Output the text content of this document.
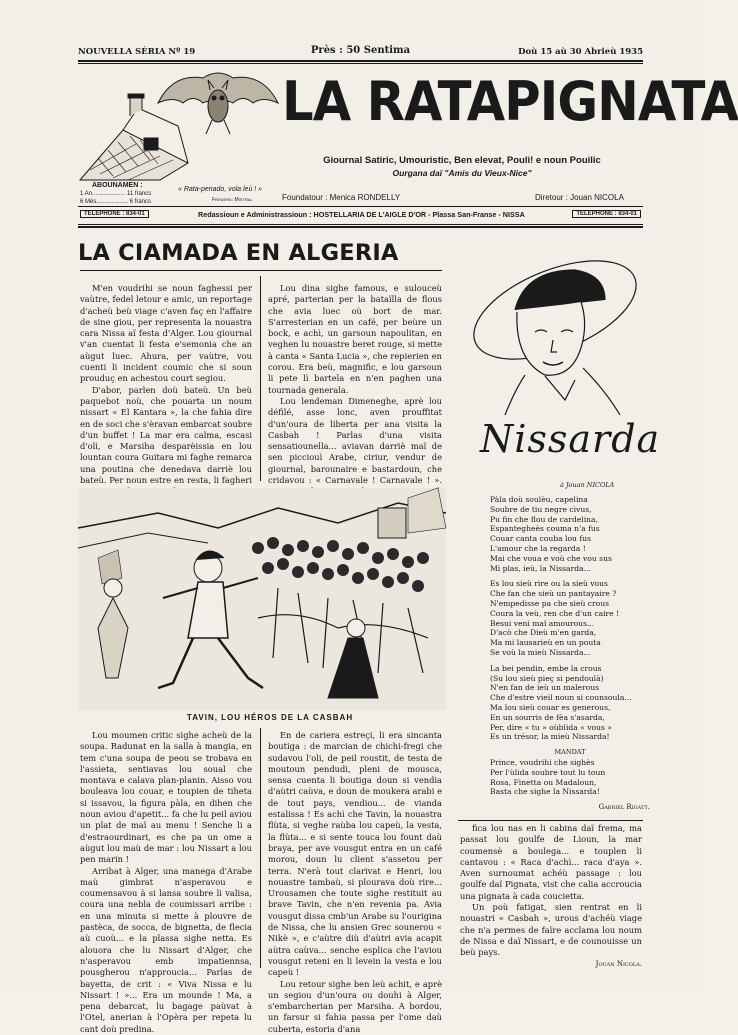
NOUVELLA SÈRIA Nº 19	Près : 50 Sentima	Doù 15 aù 30 Abrieù 1935
LA RATAPIGNATA
Giournal Satiric, Umouristic, Ben elevat, Pouli! e noun Pouilic
Ourgana daï "Amis du Vieux-Nice"
ABOUNAMEN :
1 An.................... 11 francs
6 Mès................... 6 francs
« Rata-penado, vola leù ! »
Frederic Mistral	Foundatour : Menica RONDELLY	Diretour : Jouan NICOLA
TELEPHONE : 834-01	Redassioun e Administrassioun : HOSTELLARIA DE L'AIGLE D'OR - Plassa San-Franse - NISSA	TELEPHONE : 834-01
LA CIAMADA EN ALGERIA

M'en voudrihi se noun faghessi per vaùtre, fedel letour e amic, un reportage d'acheù beù viage c'aven faç en l'affaire de sine giou, per representa la nouastra cara Nissa aï festa d'Alger. Lou giournal v'an cuentat li festa e'semonia che an aùgut luec. Ahura, per vaùtre, vou cuenti li incident coumic che si soun prouduç en achestou court segiou.

D'abor, parlen doù bateù. Un beù paquebot noù, che pouarta un noum nissart « El Kantara », la che fahia dire en de soci che s'èravan embarcat soubre d'un buffet ! La mar era calma, escasi d'oli, e Marsiha desparèissia en lou lountan coura Guitara mi faghe remarca una poutina che denedava darriè lou bateù. Per noun estre en resta, li fagheri

Lou dina sighe famous, e sulouceù apré, parterian per la bataïlla de flous che avia luec où bort de mar. S'arresterian en un café, per beùre un bock, e achì, un garsoun napoulitan, en veghen lu nouastre beret rouge, si mette à canta « Santa Lucia », che repierien en corou. Era beù, magnific, e lou garsoun li pete lì bartela en n'en paghen una tournada generala.

Lou lendeman Dimeneghe, aprè lou défilé, asse lonc, aven prouffitat d'un'oura de liberta per ana visita la Casbah ! Parlas d'una visita sensatiounella... aviavan darriè maï de sen picciouì Arabe, ciriur, vendur de giournal, barounaire e bastardoun, che cridavou : « Carnavale ! Carnavale ! ».

Nissarda
à Jouan NICOLA
TAVIN, LOU HÉROS DE LA CASBAH

Lou moumen critic sighe acheù de la soupa. Radunat en la salla à mangia, en tem c'una soupa de peou se trobava en l'assieta, sentiavas lou soual che montava e calava plan-planin. Aisso vou bouleava lou couar, e toupien de tiheta si issavou, la figura pàla, en dihen che noun aviou d'apetit... fa che lu peil aviou un plat de maï au menu ! Senche li a d'estraourdinari, es che pa un ome a aùgut lou maù de mar : lou Nissart a lou pen marin !

Arribat à Alger, una manega d'Arabe maù gimbrat n'asperavou e coumensavou à si lansa soubre li valisa, coura una nebla de coumissari arribe : en una minuta si mette à plouvre de pastèca, de socca, de bignetta, de flecia aù cuoù... e la plassa sighe netta. Es alouora che lu Nissart d'Alger, che n'asperavou emb impatiennsa, pousgherou n'approucia... Parlas de bayetta, de crit : « Viva Nissa e lu Nissart ! »... Era un mounde ! Ma, a pena debarcat, lu bagage paùvat à l'Otel, anerian à l'Opèra per repeta lu cant doù predina.

En de cariera estreçi, li era sincanta boutiga : de marcian de chichi-fregi che sudavou l'oli, de peil roustit, de testa de moutoun pendudi, pleni de mousca, sensa cuenta li boutiga doun si vendia d'aùtri caùva, e doun de moukera arabi e de tout pays, vendiou... de vianda estalissa ! Es achì che Tavin, la nouastra flùta, si veghe raùba lou capeù, la vesta, la flùta... e si sente touca lou fount daù braya, per ave vousgut entra en un café morou, doun lu client s'assetou per terra. N'erà tout clarivat e Henri, lou nouastre tambaù, si plourava doù rire... Urousamen che toute sighe restituit au brave Tavin, che n'en revenia pa. Avia vousgut dissa cmb'un Arabe su l'ourigina de Nissa, che lu ansien Grec sounerou « Nikè », e c'aùtre diù d'aùtri avia acapit aùtra caùva... senche esplica che l'aviou vousgut reteni en li levein la vesta e lou capeù !

Lou retour sighe ben leù achit, e aprè un segiou d'un'oura ou douhi à Alger, s'embarcherian per Marsiha. A bordou, un farsur si fahia passa per l'ome daù cuberta, estoria d'ana

fica lou nas en li cabina daï frema, ma passat lou goulfe de Lioun, la mar coumensè a boulega... e touplen li cantavou : « Raca d'achì... raca d'aya ». Aven surnoumat achéù passage : lou goulfe daï Pignata, vist che calia accroucia una pignata à cada coucietta.

Un poù fatigat, sien rentrat en li nouastri « Casbah », urous d'achéù viage che n'a permes de faïre acclama lou noum de Nissa e daï Nissart, e de counouisse un beù pays.

Jouan Nicola.
Pàla doù soulèu, capelina
Soubre de tiu negre civus,
Pu fin che flou de cardelina,
Espantegheès couma n'a fus
Couar canta couba lou fus
L'amour che la regarda !
Mai che voua e voù che vou sus
Mi plas, ieù, la Nissarda...
Es lou sieù rire ou la sieù vous
Che fan che sieù un pantayaire ?
N'empedisse pa che sieù crous
Coura la veù, ren che d'un caire !
Besui veni maï amourous...
D'acò che Dieù m'en garda,
Ma mi lausarieù en un pouta
Se voù la mieù Nissarda...
La bei pendin, embe la crous
(Su lou sieù pieç si pendoulà)
N'en fan de ieù un malerous
Che d'estre vieil noun si counsoula...
Ma lou sieù couar es generous,
En un sourris de fèa s'asarda,
Per, dire « tu » oùblida « vous »
Es un trésor, la mieù Nissarda!
MANDAT
Prince, voudrihi che sighès
Per l'ùlida soubre tout lu toun
Rosa, Finetta ou Madaloun,
Basta che sighe la Nissarda!
Gabriel Rigatt.
